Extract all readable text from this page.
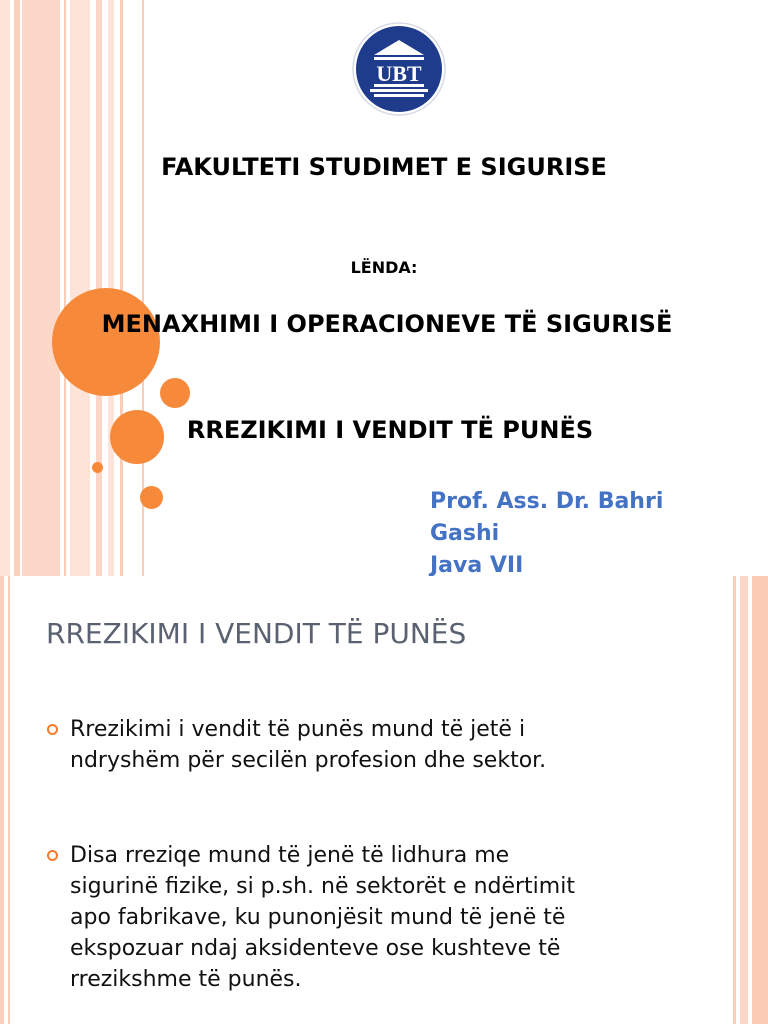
UBT
FAKULTETI STUDIMET E SIGURISE
LËNDA:
MENAXHIMI I OPERACIONEVE TË SIGURISË
RREZIKIMI I VENDIT TË PUNËS
Prof. Ass. Dr. Bahri
Gashi
Java VII
RREZIKIMI I VENDIT TË PUNËS
Rrezikimi i vendit të punës mund të jetë i
ndryshëm për secilën profesion dhe sektor.
Disa rreziqe mund të jenë të lidhura me
sigurinë fizike, si p.sh. në sektorët e ndërtimit
apo fabrikave, ku punonjësit mund të jenë të
ekspozuar ndaj aksidenteve ose kushteve të
rrezikshme të punës.
